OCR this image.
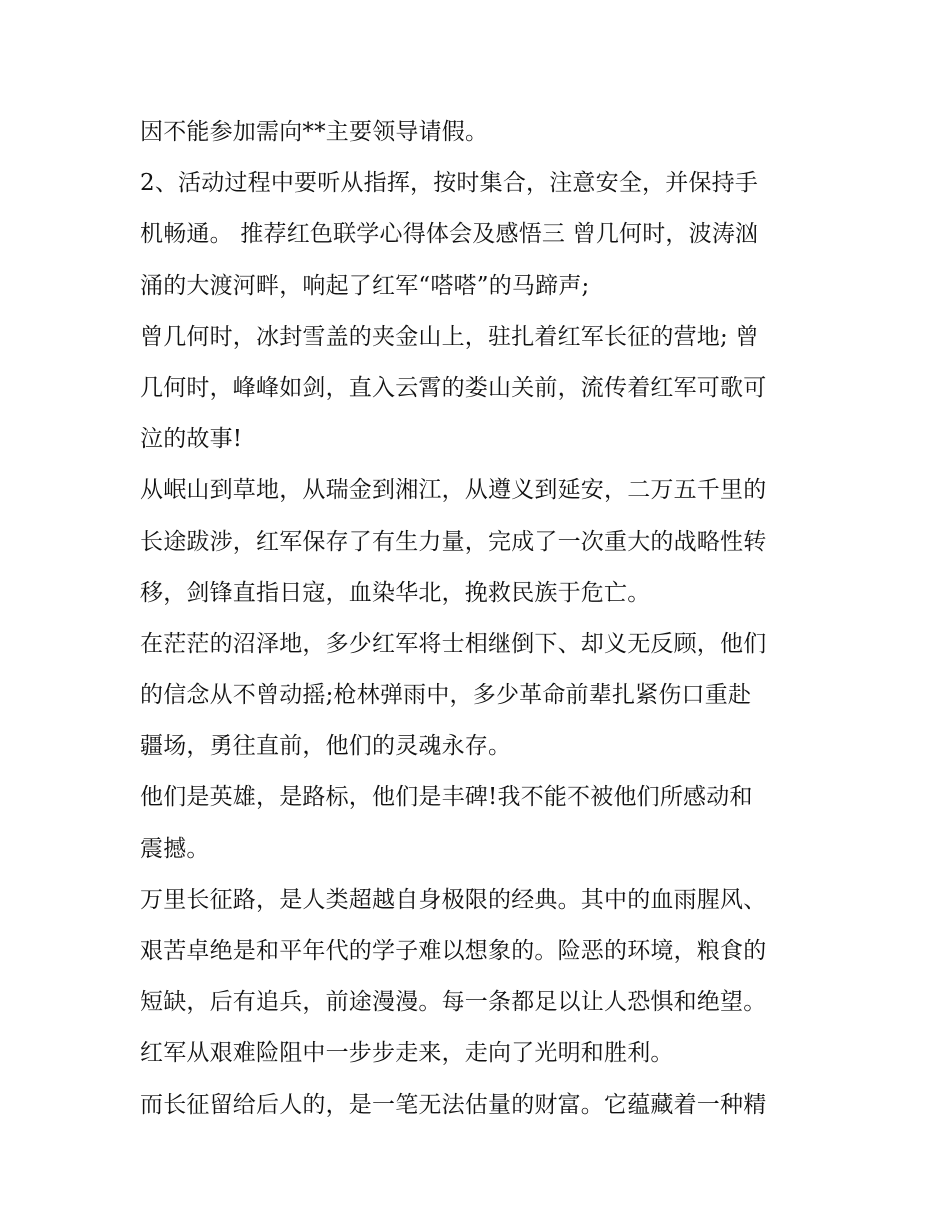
因不能参加需向**主要领导请假。
2、活动过程中要听从指挥，按时集合，注意安全，并保持手
机畅通。 推荐红色联学心得体会及感悟三 曾几何时，波涛汹
涌的大渡河畔，响起了红军“嗒嗒”的马蹄声;
曾几何时，冰封雪盖的夹金山上，驻扎着红军长征的营地; 曾
几何时，峰峰如剑，直入云霄的娄山关前，流传着红军可歌可
泣的故事!
从岷山到草地，从瑞金到湘江，从遵义到延安，二万五千里的
长途跋涉，红军保存了有生力量，完成了一次重大的战略性转
移，剑锋直指日寇，血染华北，挽救民族于危亡。
在茫茫的沼泽地，多少红军将士相继倒下、却义无反顾，他们
的信念从不曾动摇;枪林弹雨中，多少革命前辈扎紧伤口重赴
疆场，勇往直前，他们的灵魂永存。
他们是英雄，是路标，他们是丰碑!我不能不被他们所感动和
震撼。
万里长征路，是人类超越自身极限的经典。其中的血雨腥风、
艰苦卓绝是和平年代的学子难以想象的。险恶的环境，粮食的
短缺，后有追兵，前途漫漫。每一条都足以让人恐惧和绝望。
红军从艰难险阻中一步步走来，走向了光明和胜利。
而长征留给后人的，是一笔无法估量的财富。它蕴藏着一种精
